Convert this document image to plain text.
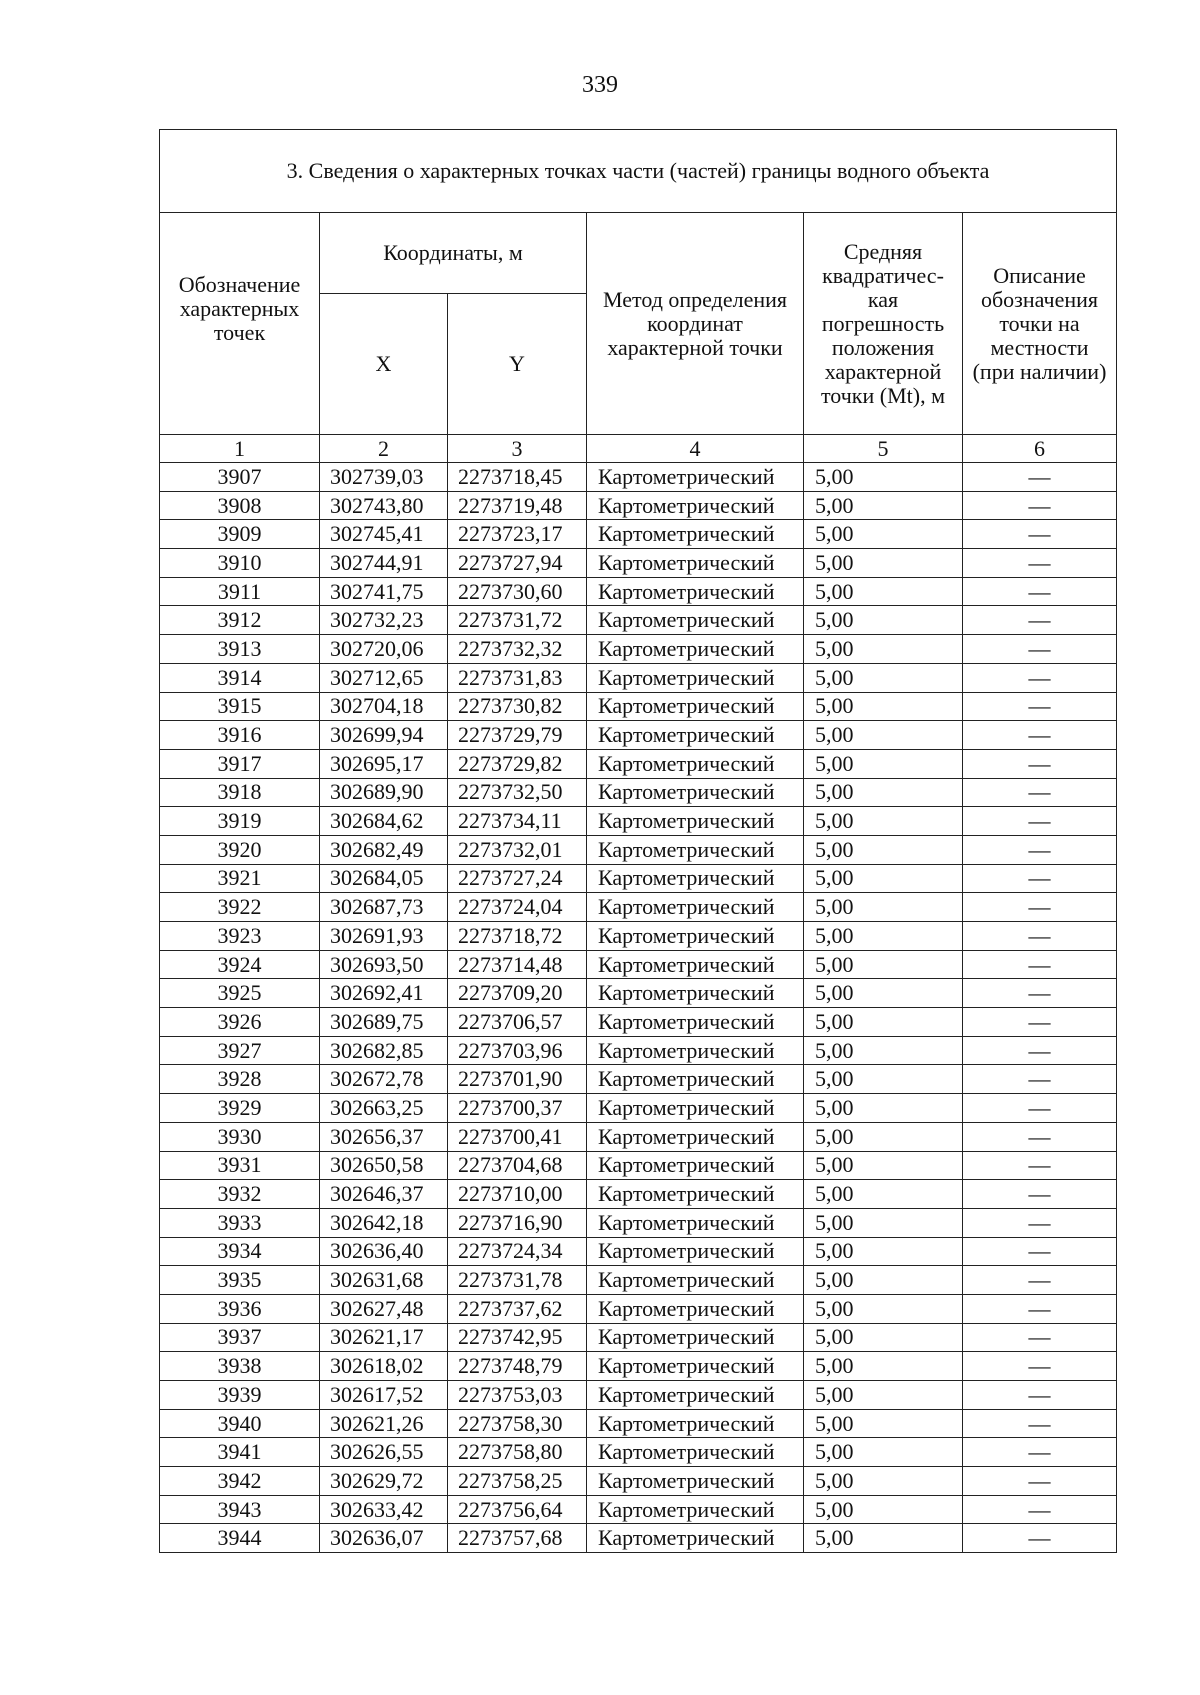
339
3. Сведения о характерных точках части (частей) границы водного объекта					
Обозначение характерных точек	Координаты, м		Метод определения координат характерной точки	Средняя квадратичес-кая погрешность положения характерной точки (Mt), м	Описание обозначения точки на местности (при наличии)
	X	Y			
1	2	3	4	5	6
3907	302739,03	2273718,45	Картометрический	5,00	—
3908	302743,80	2273719,48	Картометрический	5,00	—
3909	302745,41	2273723,17	Картометрический	5,00	—
3910	302744,91	2273727,94	Картометрический	5,00	—
3911	302741,75	2273730,60	Картометрический	5,00	—
3912	302732,23	2273731,72	Картометрический	5,00	—
3913	302720,06	2273732,32	Картометрический	5,00	—
3914	302712,65	2273731,83	Картометрический	5,00	—
3915	302704,18	2273730,82	Картометрический	5,00	—
3916	302699,94	2273729,79	Картометрический	5,00	—
3917	302695,17	2273729,82	Картометрический	5,00	—
3918	302689,90	2273732,50	Картометрический	5,00	—
3919	302684,62	2273734,11	Картометрический	5,00	—
3920	302682,49	2273732,01	Картометрический	5,00	—
3921	302684,05	2273727,24	Картометрический	5,00	—
3922	302687,73	2273724,04	Картометрический	5,00	—
3923	302691,93	2273718,72	Картометрический	5,00	—
3924	302693,50	2273714,48	Картометрический	5,00	—
3925	302692,41	2273709,20	Картометрический	5,00	—
3926	302689,75	2273706,57	Картометрический	5,00	—
3927	302682,85	2273703,96	Картометрический	5,00	—
3928	302672,78	2273701,90	Картометрический	5,00	—
3929	302663,25	2273700,37	Картометрический	5,00	—
3930	302656,37	2273700,41	Картометрический	5,00	—
3931	302650,58	2273704,68	Картометрический	5,00	—
3932	302646,37	2273710,00	Картометрический	5,00	—
3933	302642,18	2273716,90	Картометрический	5,00	—
3934	302636,40	2273724,34	Картометрический	5,00	—
3935	302631,68	2273731,78	Картометрический	5,00	—
3936	302627,48	2273737,62	Картометрический	5,00	—
3937	302621,17	2273742,95	Картометрический	5,00	—
3938	302618,02	2273748,79	Картометрический	5,00	—
3939	302617,52	2273753,03	Картометрический	5,00	—
3940	302621,26	2273758,30	Картометрический	5,00	—
3941	302626,55	2273758,80	Картометрический	5,00	—
3942	302629,72	2273758,25	Картометрический	5,00	—
3943	302633,42	2273756,64	Картометрический	5,00	—
3944	302636,07	2273757,68	Картометрический	5,00	—
